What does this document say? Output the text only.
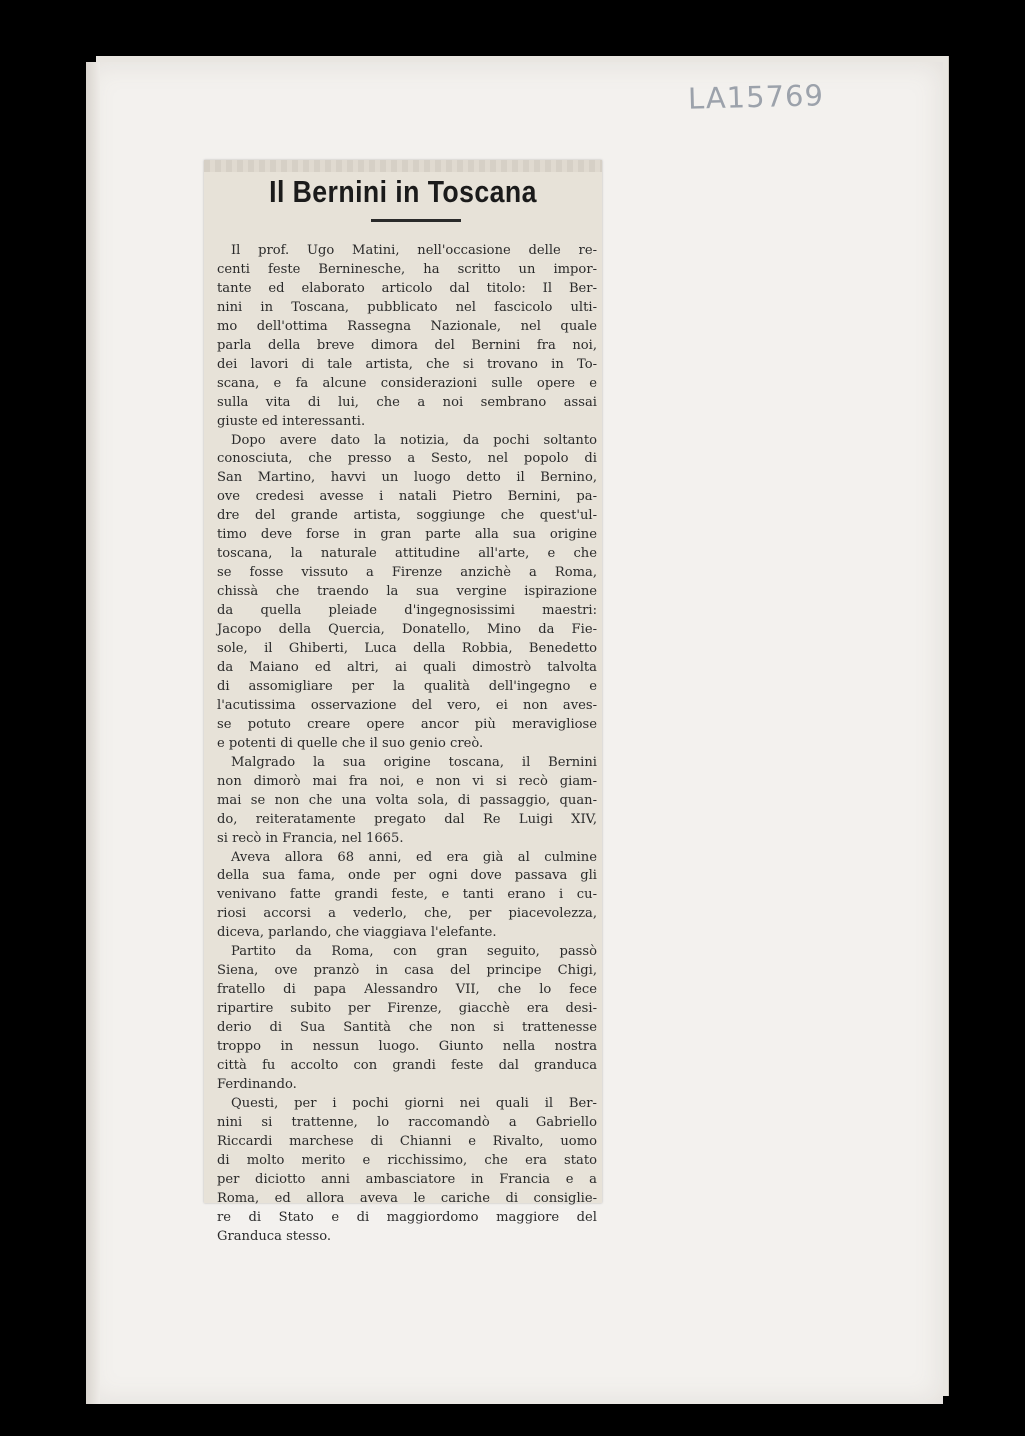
LA15769
Il Bernini in Toscana
Il prof. Ugo Matini, nell'occasione delle re-
centi feste Berninesche, ha scritto un impor-
tante ed elaborato articolo dal titolo: Il Ber-
nini in Toscana, pubblicato nel fascicolo ulti-
mo dell'ottima Rassegna Nazionale, nel quale
parla della breve dimora del Bernini fra noi,
dei lavori di tale artista, che si trovano in To-
scana, e fa alcune considerazioni sulle opere e
sulla vita di lui, che a noi sembrano assai
giuste ed interessanti.
Dopo avere dato la notizia, da pochi soltanto
conosciuta, che presso a Sesto, nel popolo di
San Martino, havvi un luogo detto il Bernino,
ove credesi avesse i natali Pietro Bernini, pa-
dre del grande artista, soggiunge che quest'ul-
timo deve forse in gran parte alla sua origine
toscana, la naturale attitudine all'arte, e che
se fosse vissuto a Firenze anzichè a Roma,
chissà che traendo la sua vergine ispirazione
da quella pleiade d'ingegnosissimi maestri:
Jacopo della Quercia, Donatello, Mino da Fie-
sole, il Ghiberti, Luca della Robbia, Benedetto
da Maiano ed altri, ai quali dimostrò talvolta
di assomigliare per la qualità dell'ingegno e
l'acutissima osservazione del vero, ei non aves-
se potuto creare opere ancor più meravigliose
e potenti di quelle che il suo genio creò.
Malgrado la sua origine toscana, il Bernini
non dimorò mai fra noi, e non vi si recò giam-
mai se non che una volta sola, di passaggio, quan-
do, reiteratamente pregato dal Re Luigi XIV,
si recò in Francia, nel 1665.
Aveva allora 68 anni, ed era già al culmine
della sua fama, onde per ogni dove passava gli
venivano fatte grandi feste, e tanti erano i cu-
riosi accorsi a vederlo, che, per piacevolezza,
diceva, parlando, che viaggiava l'elefante.
Partito da Roma, con gran seguito, passò
Siena, ove pranzò in casa del principe Chigi,
fratello di papa Alessandro VII, che lo fece
ripartire subito per Firenze, giacchè era desi-
derio di Sua Santità che non si trattenesse
troppo in nessun luogo. Giunto nella nostra
città fu accolto con grandi feste dal granduca
Ferdinando.
Questi, per i pochi giorni nei quali il Ber-
nini si trattenne, lo raccomandò a Gabriello
Riccardi marchese di Chianni e Rivalto, uomo
di molto merito e ricchissimo, che era stato
per diciotto anni ambasciatore in Francia e a
Roma, ed allora aveva le cariche di consiglie-
re di Stato e di maggiordomo maggiore del
Granduca stesso.
